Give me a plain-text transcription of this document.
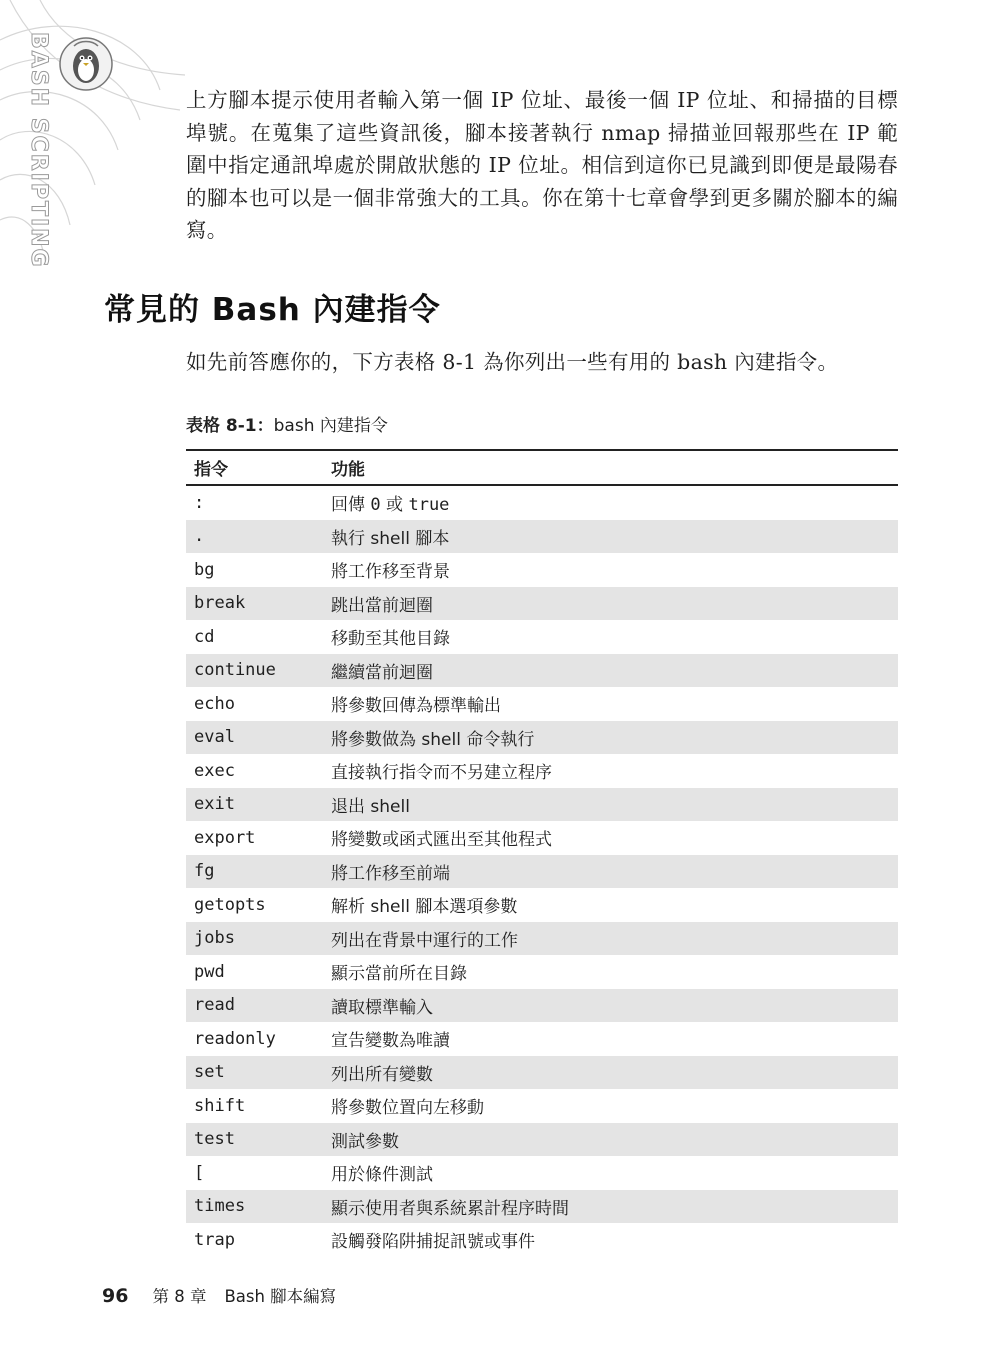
BASH SCRIPTING	上方腳本提示使用者輸入第一個 IP 位址、最後一個 IP 位址、和掃描的目標埠號。在蒐集了這些資訊後，腳本接著執行 nmap 掃描並回報那些在 IP 範圍中指定通訊埠處於開啟狀態的 IP 位址。相信到這你已見識到即便是最陽春的腳本也可以是一個非常強大的工具。你在第十七章會學到更多關於腳本的編寫。

常見的 Bash 內建指令

如先前答應你的，下方表格 8-1 為你列出一些有用的 bash 內建指令。

表格 8-1：bash 內建指令

指令	功能
:	回傳 0 或 true
.	執行 shell 腳本
bg	將工作移至背景
break	跳出當前迴圈
cd	移動至其他目錄
continue	繼續當前迴圈
echo	將參數回傳為標準輸出
eval	將參數做為 shell 命令執行
exec	直接執行指令而不另建立程序
exit	退出 shell
export	將變數或函式匯出至其他程式
fg	將工作移至前端
getopts	解析 shell 腳本選項參數
jobs	列出在背景中運行的工作
pwd	顯示當前所在目錄
read	讀取標準輸入
readonly	宣告變數為唯讀
set	列出所有變數
shift	將參數位置向左移動
test	測試參數
[	用於條件測試
times	顯示使用者與系統累計程序時間
trap	設觸發陷阱捕捉訊號或事件
96 第 8 章 Bash 腳本編寫
